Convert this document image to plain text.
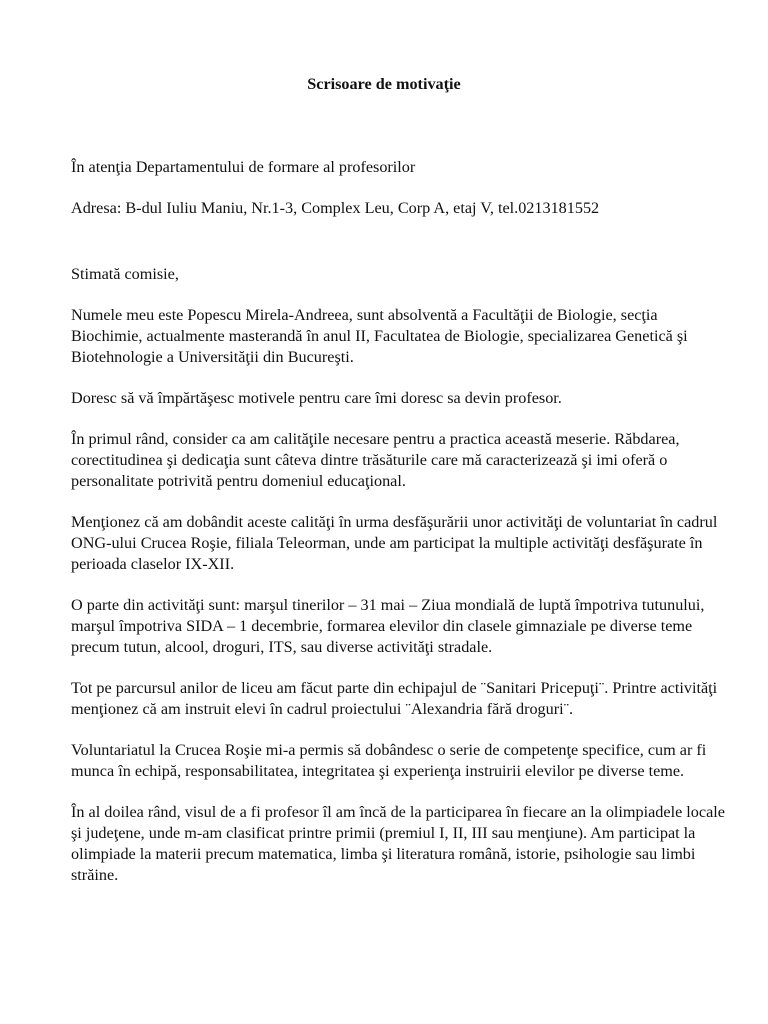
Scrisoare de motivaţie

În atenţia Departamentului de formare al profesorilor

Adresa: B-dul Iuliu Maniu, Nr.1-3, Complex Leu, Corp A, etaj V, tel.0213181552

Stimată comisie,

Numele meu este Popescu Mirela-Andreea, sunt absolventă a Facultăţii de Biologie, secţia Biochimie, actualmente masterandă în anul II, Facultatea de Biologie, specializarea Genetică şi Biotehnologie a Universităţii din Bucureşti.

Doresc să vă împărtăşesc motivele pentru care îmi doresc sa devin profesor.

În primul rând, consider ca am calităţile necesare pentru a practica această meserie. Răbdarea, corectitudinea şi dedicaţia sunt câteva dintre trăsăturile care mă caracterizează şi imi oferă o personalitate potrivită pentru domeniul educaţional.

Menţionez că am dobândit aceste calităţi în urma desfăşurării unor activităţi de voluntariat în cadrul ONG-ului Crucea Roşie, filiala Teleorman, unde am participat la multiple activităţi desfăşurate în perioada claselor IX-XII.

O parte din activităţi sunt: marşul tinerilor – 31 mai – Ziua mondială de luptă împotriva tutunului, marşul împotriva SIDA – 1 decembrie, formarea elevilor din clasele gimnaziale pe diverse teme precum tutun, alcool, droguri, ITS, sau diverse activităţi stradale.

Tot pe parcursul anilor de liceu am făcut parte din echipajul de ¨Sanitari Pricepuţi¨. Printre activităţi menţionez că am instruit elevi în cadrul proiectului ¨Alexandria fără droguri¨.

Voluntariatul la Crucea Roşie mi-a permis să dobândesc o serie de competenţe specifice, cum ar fi munca în echipă, responsabilitatea, integritatea şi experienţa instruirii elevilor pe diverse teme.

În al doilea rând, visul de a fi profesor îl am încă de la participarea în fiecare an la olimpiadele locale şi judeţene, unde m-am clasificat printre primii (premiul I, II, III sau menţiune). Am participat la olimpiade la materii precum matematica, limba şi literatura română, istorie, psihologie sau limbi străine.
